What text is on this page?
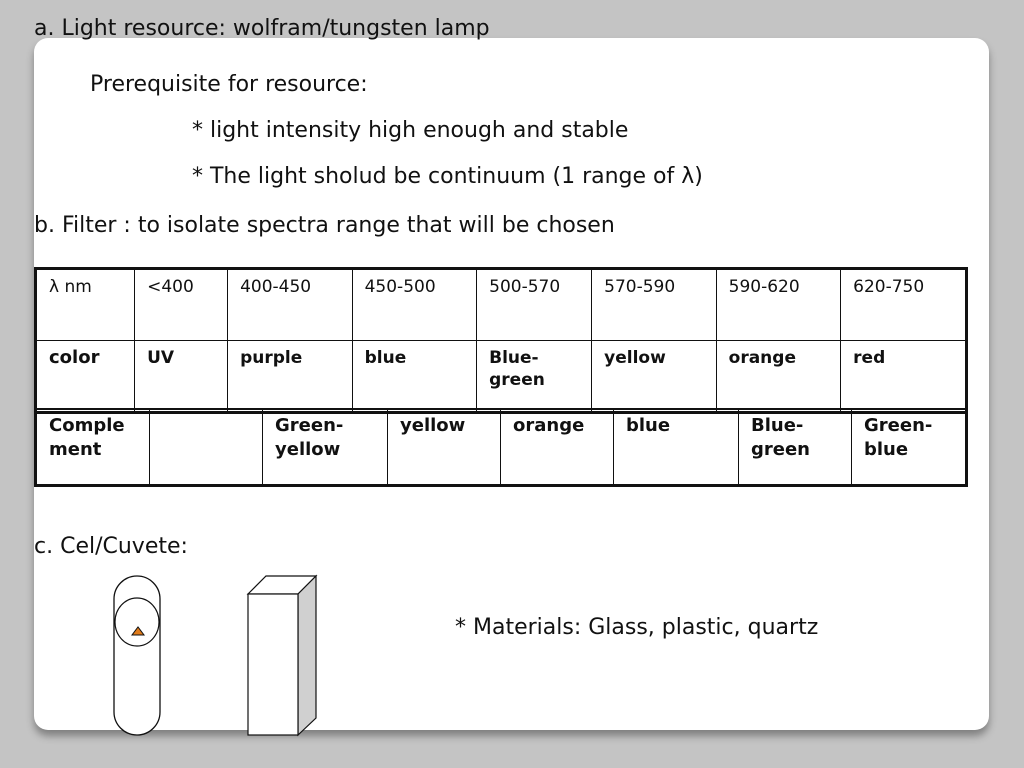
a. Light resource: wolfram/tungsten lamp
Prerequisite for resource:
* light intensity high enough and stable
* The light sholud be continuum (1 range of λ)
b. Filter : to isolate spectra range that will be chosen
λ nm	<400	400-450	450-500	500-570	570-590	590-620	620-750
color	UV	purple	blue	Blue-green	yellow	orange	red
Complement		Green-yellow	yellow	orange	blue	Blue-green	Green-blue
c. Cel/Cuvete:
* Materials: Glass, plastic, quartz
